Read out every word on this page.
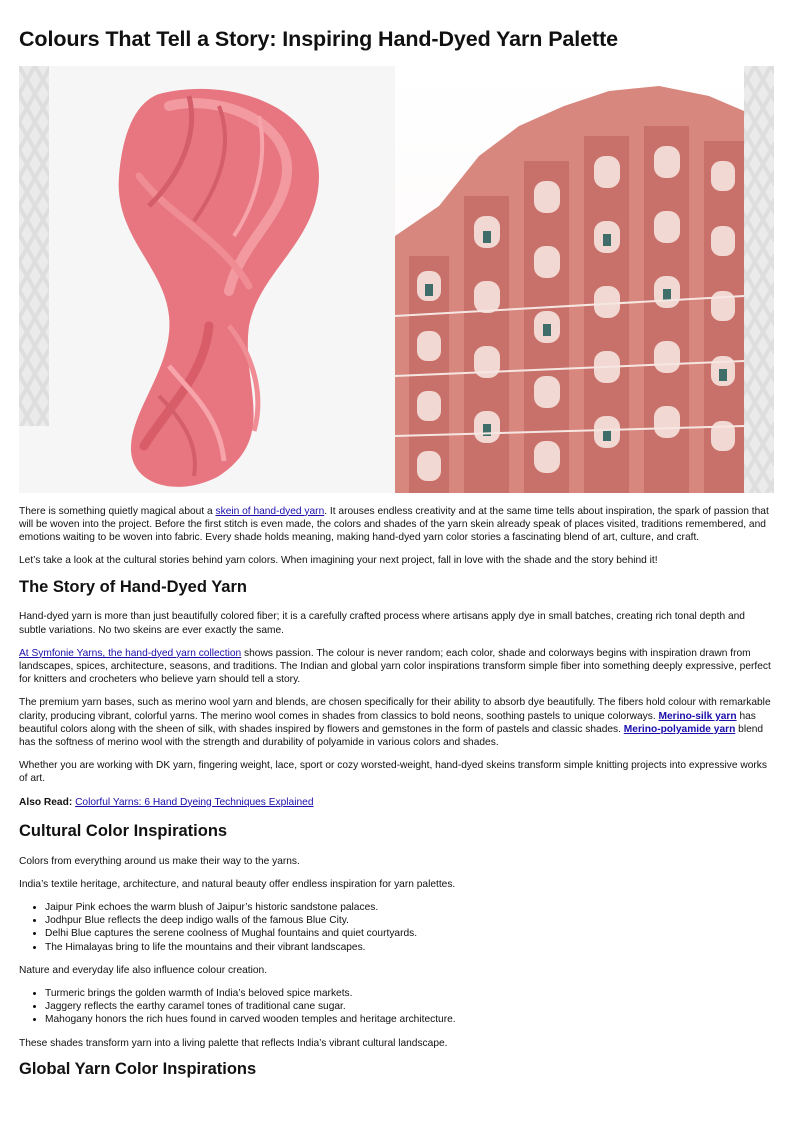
Colours That Tell a Story: Inspiring Hand-Dyed Yarn Palette

There is something quietly magical about a skein of hand-dyed yarn. It arouses endless creativity and at the same time tells about inspiration, the spark of passion that will be woven into the project. Before the first stitch is even made, the colors and shades of the yarn skein already speak of places visited, traditions remembered, and emotions waiting to be woven into fabric. Every shade holds meaning, making hand-dyed yarn color stories a fascinating blend of art, culture, and craft.

Let’s take a look at the cultural stories behind yarn colors. When imagining your next project, fall in love with the shade and the story behind it!

The Story of Hand-Dyed Yarn

Hand-dyed yarn is more than just beautifully colored fiber; it is a carefully crafted process where artisans apply dye in small batches, creating rich tonal depth and subtle variations. No two skeins are ever exactly the same.

At Symfonie Yarns, the hand-dyed yarn collection shows passion. The colour is never random; each color, shade and colorways begins with inspiration drawn from landscapes, spices, architecture, seasons, and traditions. The Indian and global yarn color inspirations transform simple fiber into something deeply expressive, perfect for knitters and crocheters who believe yarn should tell a story.

The premium yarn bases, such as merino wool yarn and blends, are chosen specifically for their ability to absorb dye beautifully. The fibers hold colour with remarkable clarity, producing vibrant, colorful yarns. The merino wool comes in shades from classics to bold neons, soothing pastels to unique colorways. Merino-silk yarn has beautiful colors along with the sheen of silk, with shades inspired by flowers and gemstones in the form of pastels and classic shades. Merino-polyamide yarn blend has the softness of merino wool with the strength and durability of polyamide in various colors and shades.

Whether you are working with DK yarn, fingering weight, lace, sport or cozy worsted-weight, hand-dyed skeins transform simple knitting projects into expressive works of art.

Also Read: Colorful Yarns: 6 Hand Dyeing Techniques Explained

Cultural Color Inspirations

Colors from everything around us make their way to the yarns.

India’s textile heritage, architecture, and natural beauty offer endless inspiration for yarn palettes.

• Jaipur Pink echoes the warm blush of Jaipur’s historic sandstone palaces.
• Jodhpur Blue reflects the deep indigo walls of the famous Blue City.
• Delhi Blue captures the serene coolness of Mughal fountains and quiet courtyards.
• The Himalayas bring to life the mountains and their vibrant landscapes.

Nature and everyday life also influence colour creation.

• Turmeric brings the golden warmth of India’s beloved spice markets.
• Jaggery reflects the earthy caramel tones of traditional cane sugar.
• Mahogany honors the rich hues found in carved wooden temples and heritage architecture.

These shades transform yarn into a living palette that reflects India’s vibrant cultural landscape.

Global Yarn Color Inspirations
